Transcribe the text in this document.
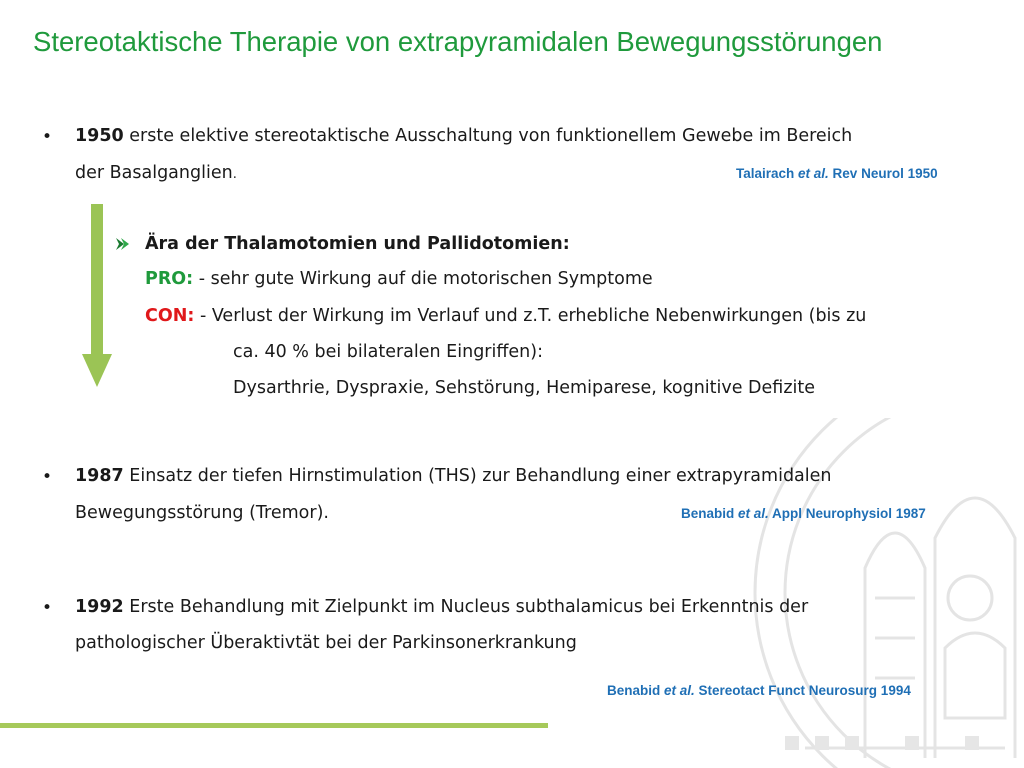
Stereotaktische Therapie von extrapyramidalen Bewegungsstörungen
• 1950 erste elektive stereotaktische Ausschaltung von funktionellem Gewebe im Bereich
der Basalganglien.	Talairach et al. Rev Neurol 1950
Ära der Thalamotomien und Pallidotomien:
PRO: - sehr gute Wirkung auf die motorischen Symptome
CON: - Verlust der Wirkung im Verlauf und z.T. erhebliche Nebenwirkungen (bis zu
ca. 40 % bei bilateralen Eingriffen):
Dysarthrie, Dyspraxie, Sehstörung, Hemiparese, kognitive Defizite
• 1987 Einsatz der tiefen Hirnstimulation (THS) zur Behandlung einer extrapyramidalen
Bewegungsstörung (Tremor).	Benabid et al. Appl Neurophysiol 1987
• 1992 Erste Behandlung mit Zielpunkt im Nucleus subthalamicus bei Erkenntnis der
pathologischer Überaktivtät bei der Parkinsonerkrankung
Benabid et al. Stereotact Funct Neurosurg 1994
